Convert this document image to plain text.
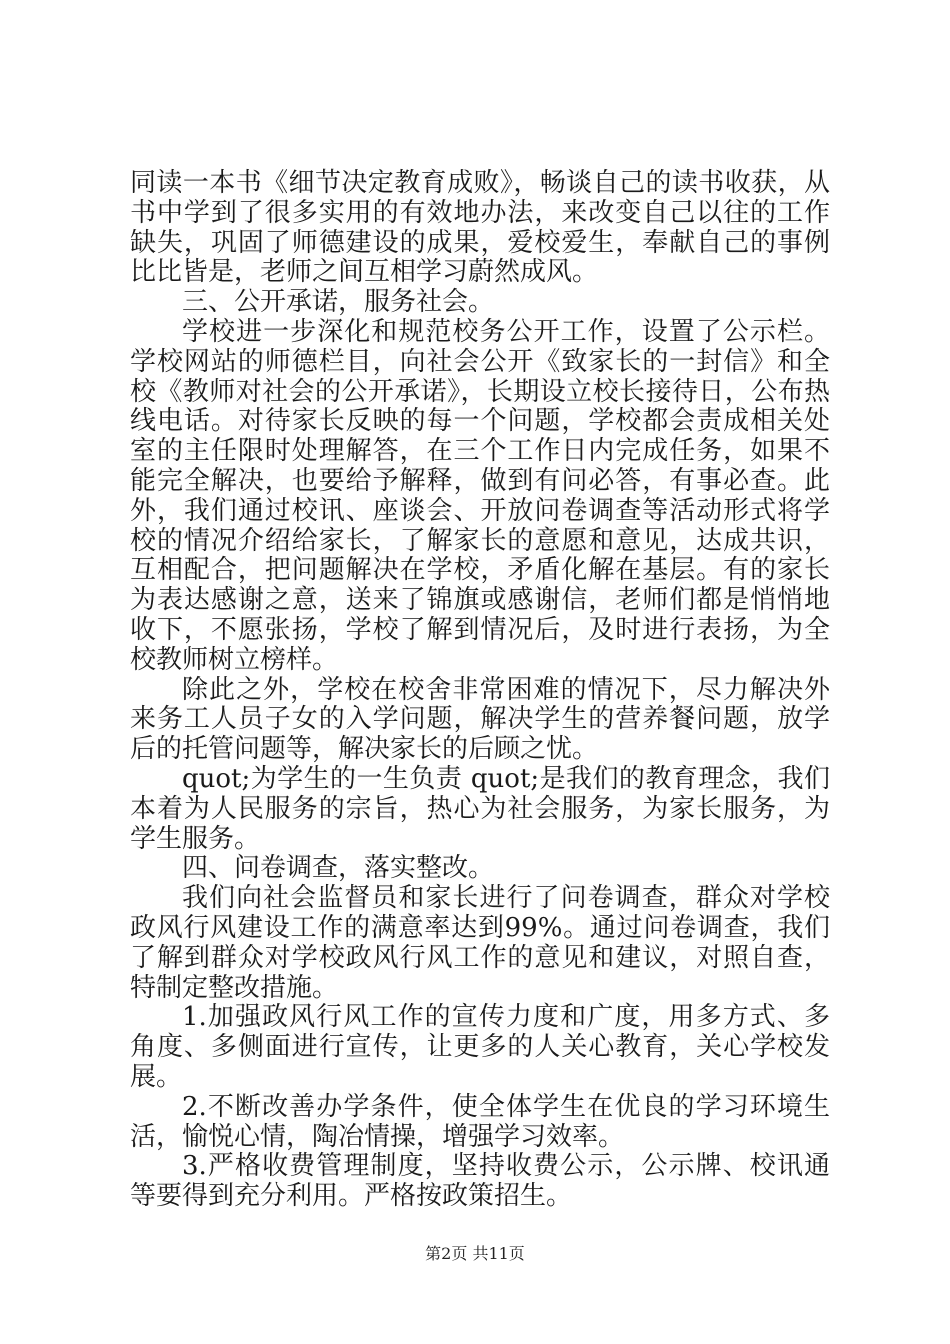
同读一本书《细节决定教育成败》，畅谈自己的读书收获，从书中学到了很多实用的有效地办法，来改变自己以往的工作缺失，巩固了师德建设的成果，爱校爱生，奉献自己的事例比比皆是，老师之间互相学习蔚然成风。

三、公开承诺，服务社会。

学校进一步深化和规范校务公开工作，设置了公示栏。学校网站的师德栏目，向社会公开《致家长的一封信》和全校《教师对社会的公开承诺》，长期设立校长接待日，公布热线电话。对待家长反映的每一个问题，学校都会责成相关处室的主任限时处理解答，在三个工作日内完成任务，如果不能完全解决，也要给予解释，做到有问必答，有事必查。此外，我们通过校讯、座谈会、开放问卷调查等活动形式将学校的情况介绍给家长，了解家长的意愿和意见，达成共识，互相配合，把问题解决在学校，矛盾化解在基层。有的家长为表达感谢之意，送来了锦旗或感谢信，老师们都是悄悄地收下，不愿张扬，学校了解到情况后，及时进行表扬，为全校教师树立榜样。

除此之外，学校在校舍非常困难的情况下，尽力解决外来务工人员子女的入学问题，解决学生的营养餐问题，放学后的托管问题等，解决家长的后顾之忧。

quot;为学生的一生负责 quot;是我们的教育理念，我们本着为人民服务的宗旨，热心为社会服务，为家长服务，为学生服务。

四、问卷调查，落实整改。

我们向社会监督员和家长进行了问卷调查，群众对学校政风行风建设工作的满意率达到99%。通过问卷调查，我们了解到群众对学校政风行风工作的意见和建议，对照自查，特制定整改措施。

1.加强政风行风工作的宣传力度和广度，用多方式、多角度、多侧面进行宣传，让更多的人关心教育，关心学校发展。

2.不断改善办学条件，使全体学生在优良的学习环境生活，愉悦心情，陶冶情操，增强学习效率。

3.严格收费管理制度，坚持收费公示，公示牌、校讯通等要得到充分利用。严格按政策招生。

第2页 共11页
